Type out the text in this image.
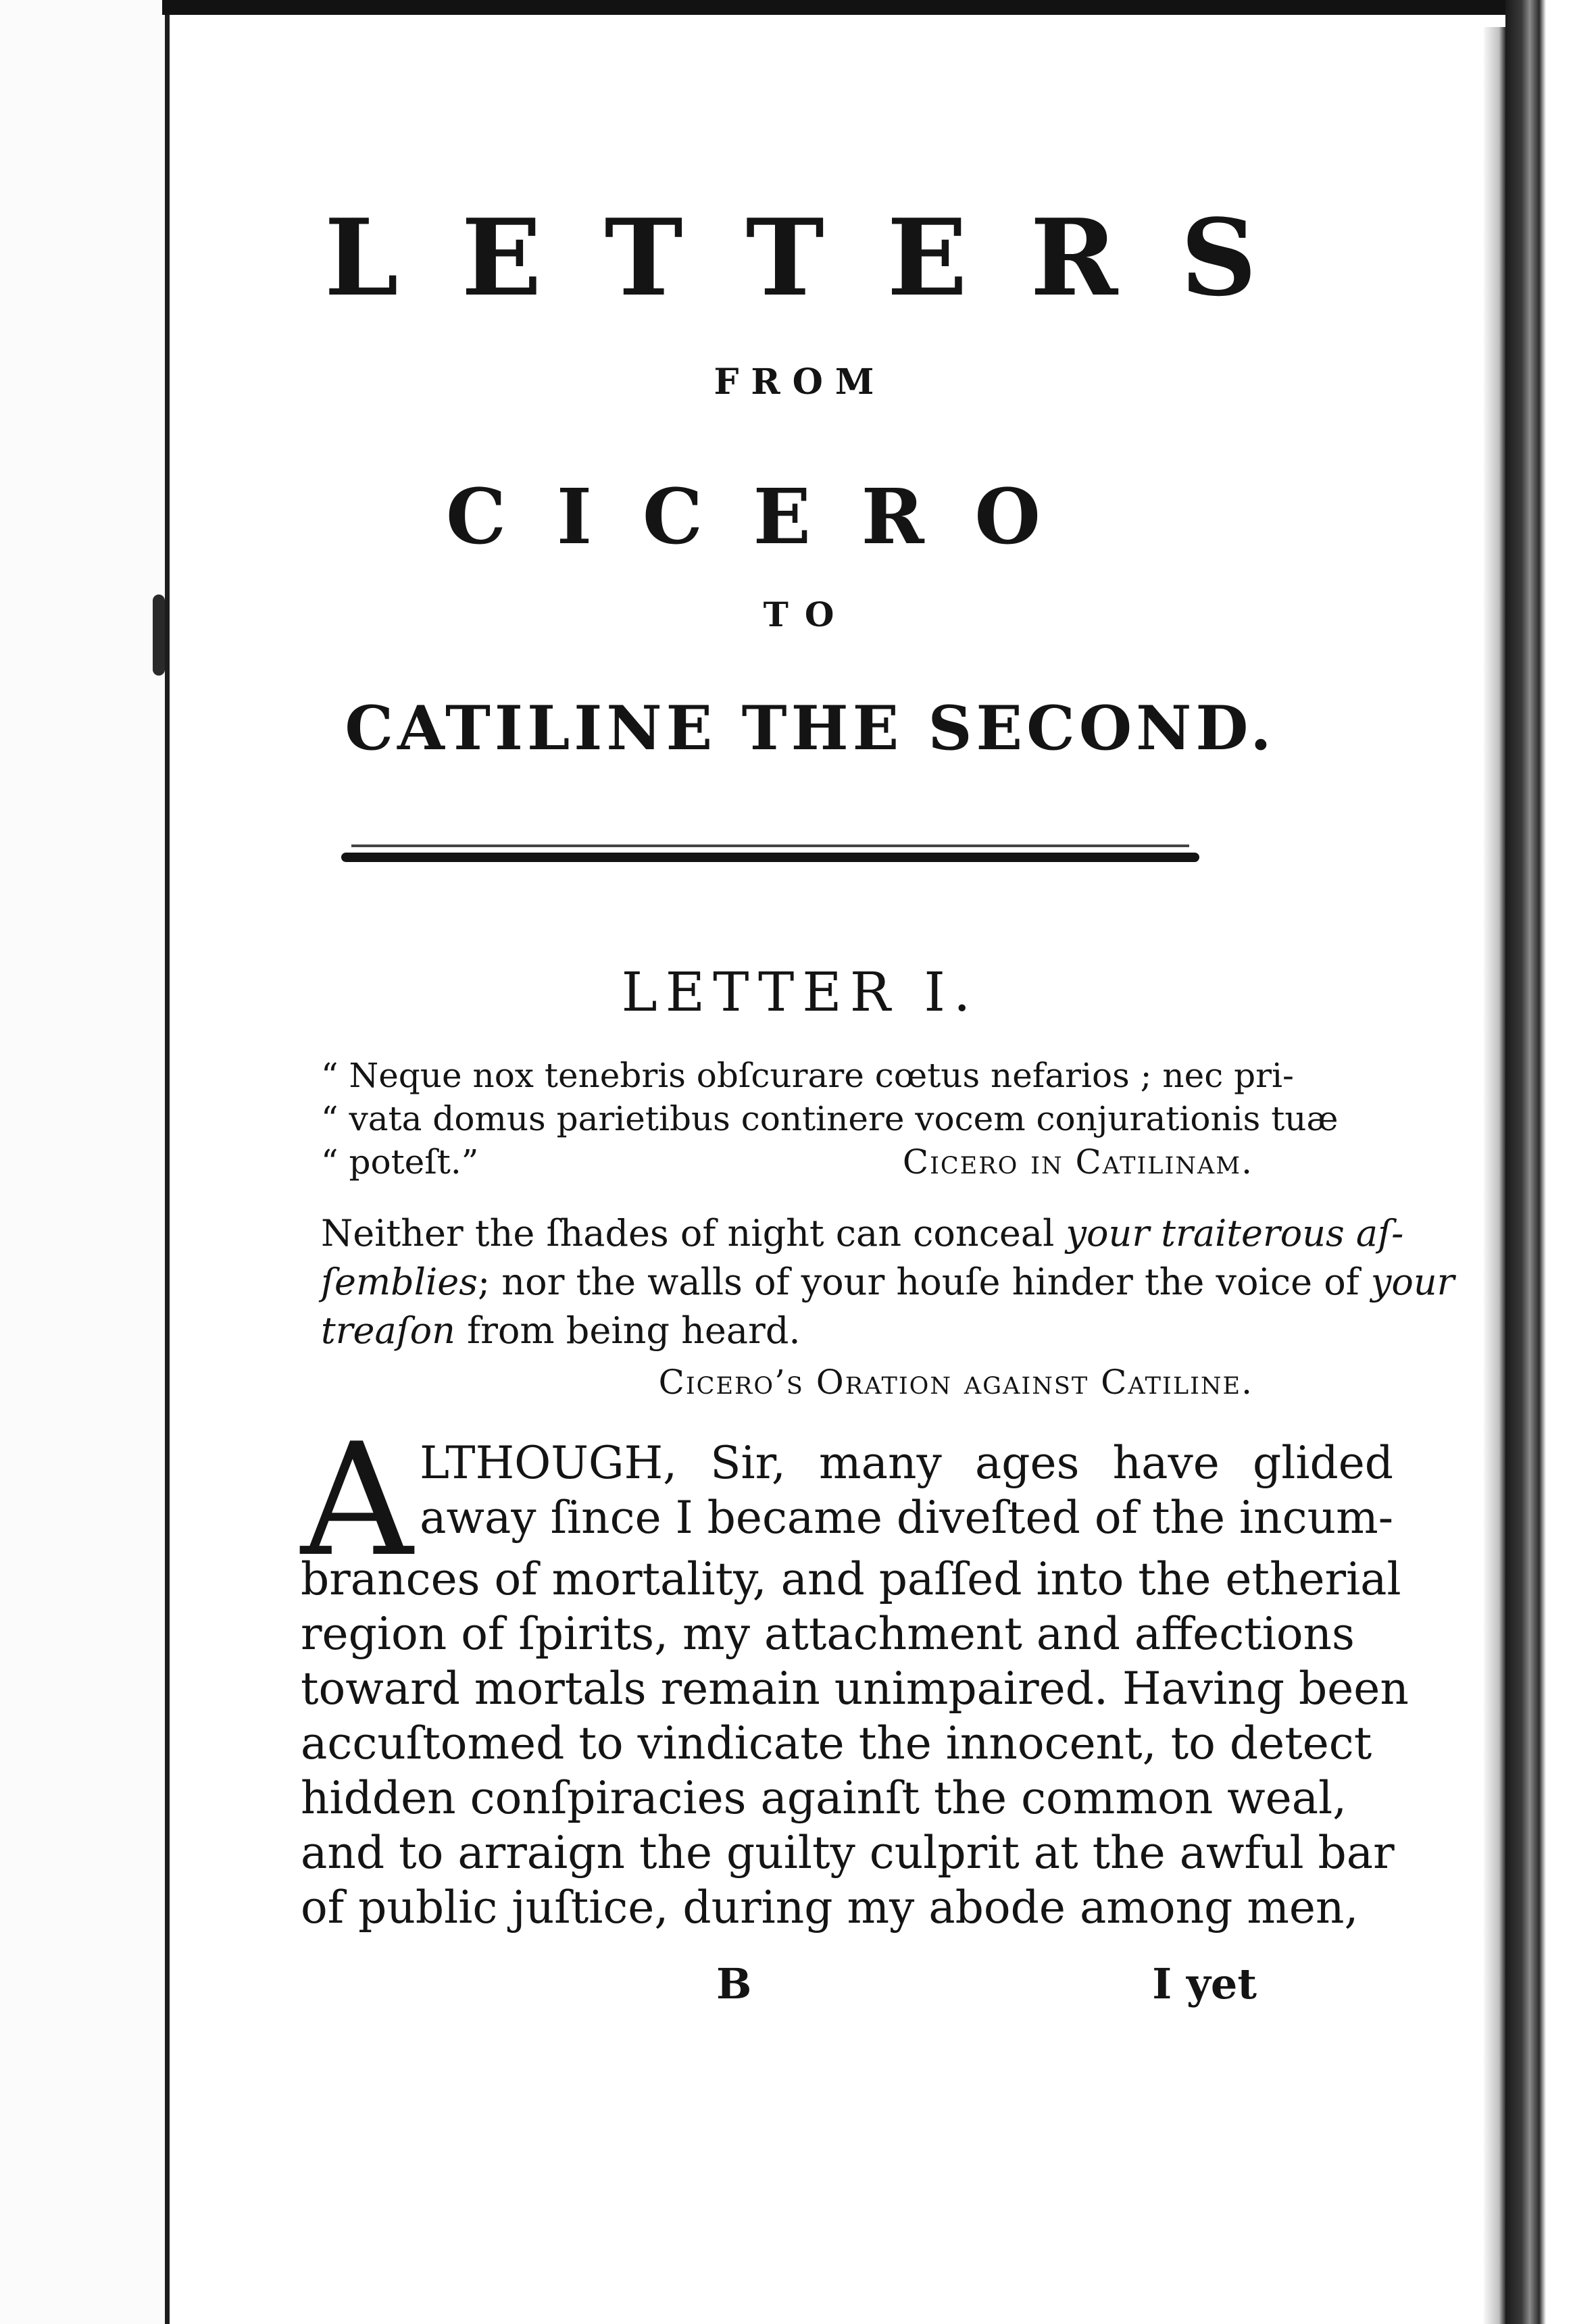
L E T T E R S
FROM
C I C E R O
TO
CATILINE THE SECOND.
LETTER I.
“ Neque nox tenebris obſcurare cœtus nefarios ; nec pri-
“ vata domus parietibus continere vocem conjurationis tuæ
“ poteſt.”	Cicero in Catilinam.
Neither the ſhades of night can conceal your traiterous aſ-
ſemblies; nor the walls of your houſe hinder the voice of your
treaſon from being heard.
Cicero’s Oration againſt Catiline.
A LTHOUGH, Sir, many ages have glided
away ſince I became diveſted of the incum-
brances of mortality, and paſſed into the etherial
region of ſpirits, my attachment and affections
toward mortals remain unimpaired. Having been
accuſtomed to vindicate the innocent, to detect
hidden conſpiracies againſt the common weal,
and to arraign the guilty culprit at the awful bar
of public juſtice, during my abode among men,
B	I yet
